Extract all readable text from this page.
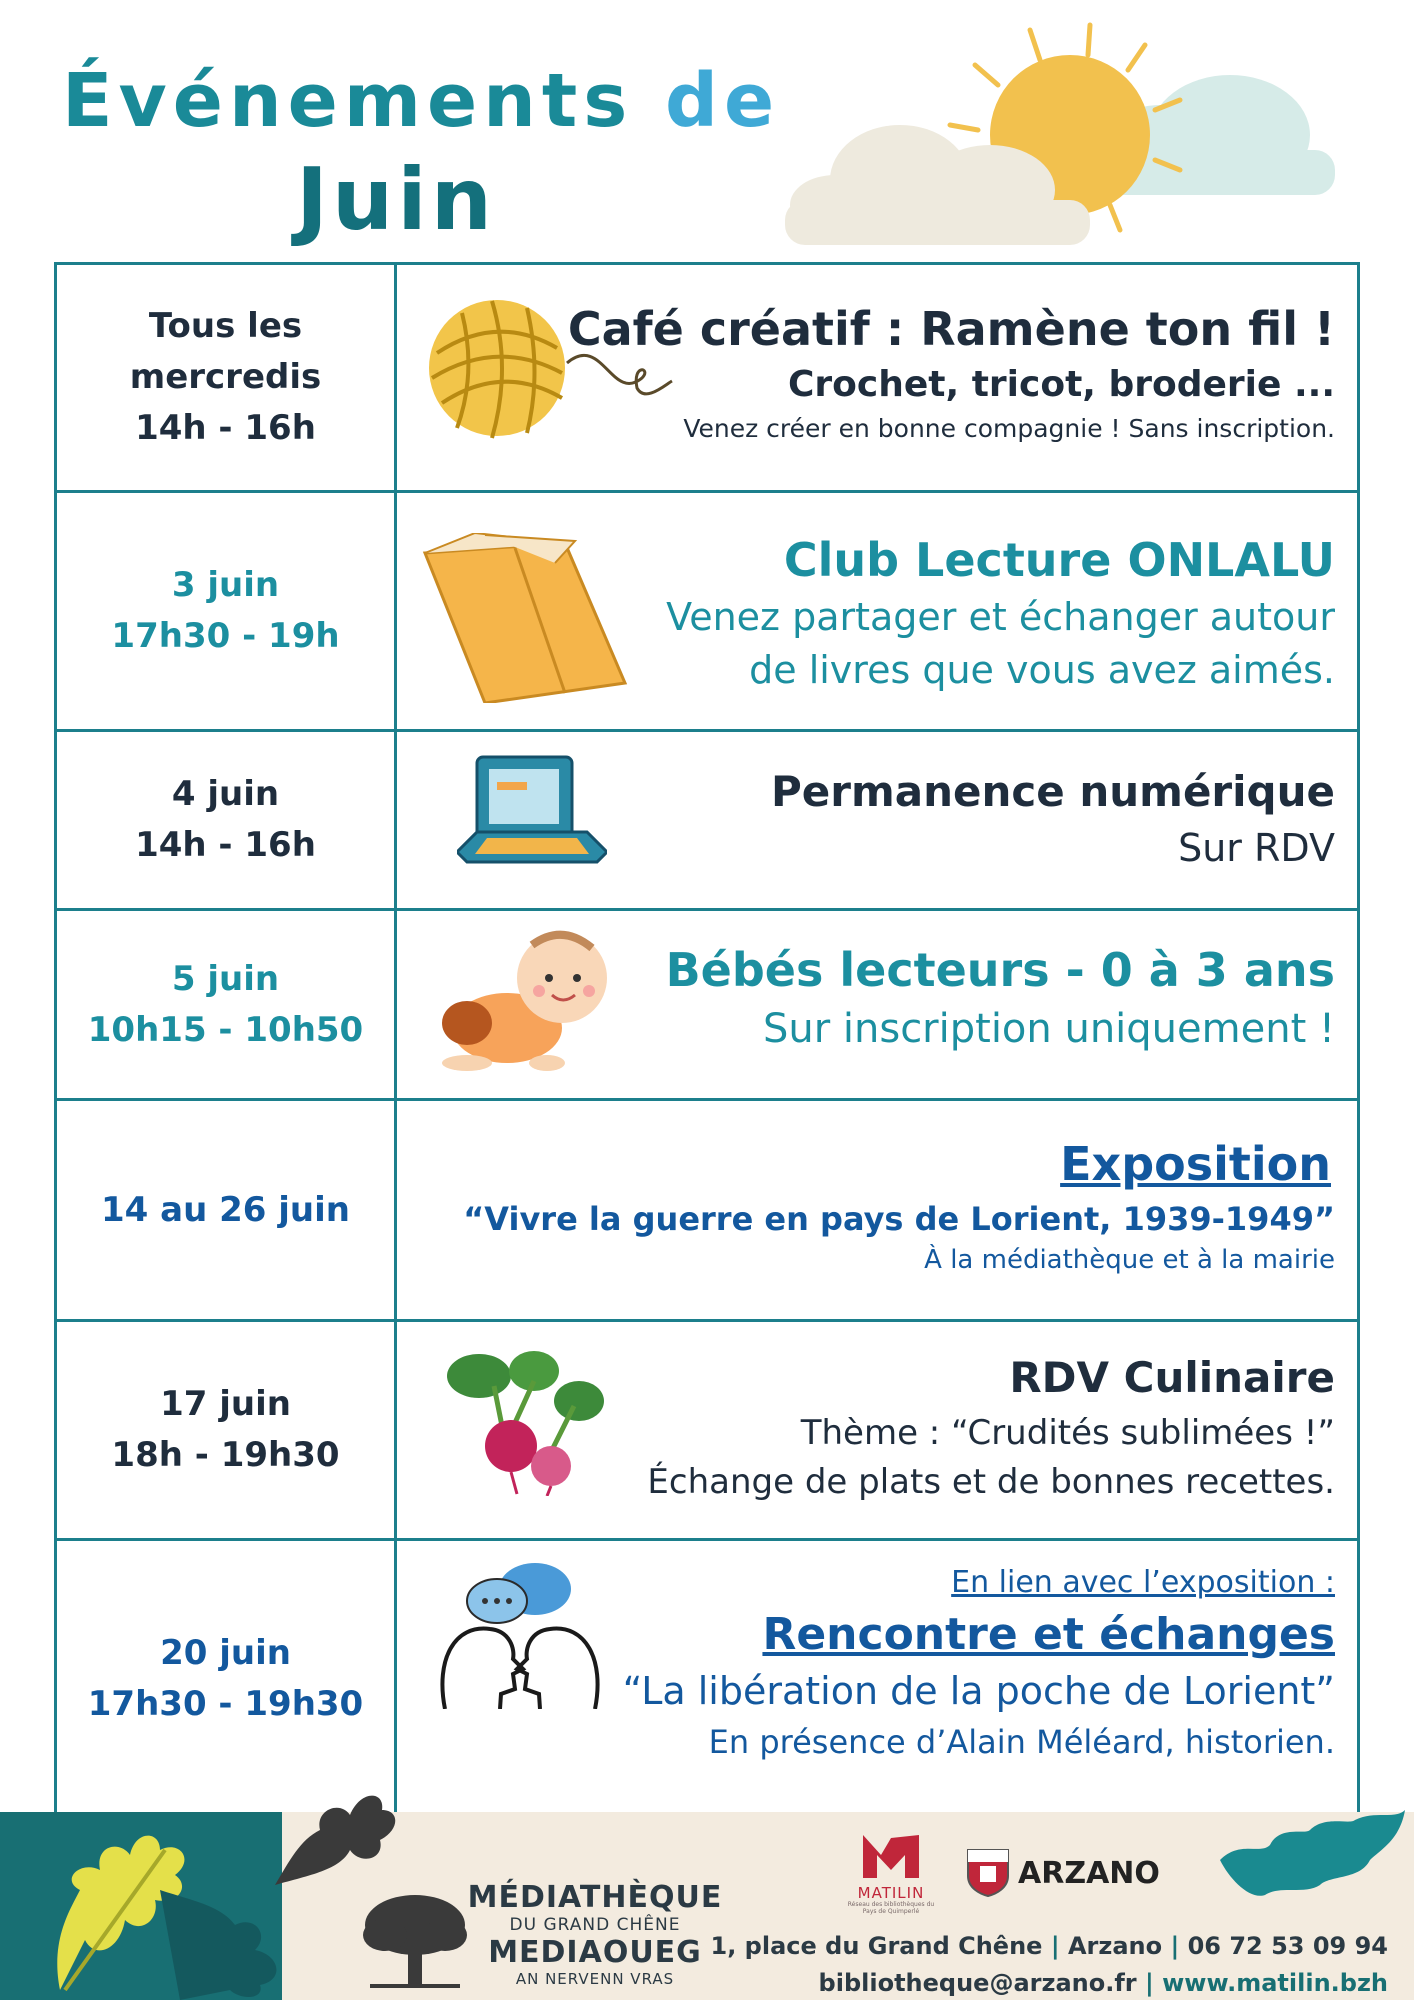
Événements de
Juin
Tous les
mercredis
14h - 16h
Café créatif : Ramène ton fil !
Crochet, tricot, broderie ...
Venez créer en bonne compagnie ! Sans inscription.
3 juin
17h30 - 19h
Club Lecture ONLALU
Venez partager et échanger autour
de livres que vous avez aimés.
4 juin
14h - 16h
Permanence numérique
Sur RDV
5 juin
10h15 - 10h50
Bébés lecteurs - 0 à 3 ans
Sur inscription uniquement !
14 au 26 juin
Exposition
“Vivre la guerre en pays de Lorient, 1939-1949”
À la médiathèque et à la mairie
17 juin
18h - 19h30
RDV Culinaire
Thème : “Crudités sublimées !”
Échange de plats et de bonnes recettes.
20 juin
17h30 - 19h30
En lien avec l’exposition :
Rencontre et échanges
“La libération de la poche de Lorient”
En présence d’Alain Méléard, historien.
MÉDIATHÈQUE
DU GRAND CHÊNE
MEDIAOUEG
AN NERVENN VRAS
MATILIN
Réseau des bibliothèques du Pays de Quimperlé
ARZANO
1, place du Grand Chêne | Arzano | 06 72 53 09 94
bibliotheque@arzano.fr | www.matilin.bzh
